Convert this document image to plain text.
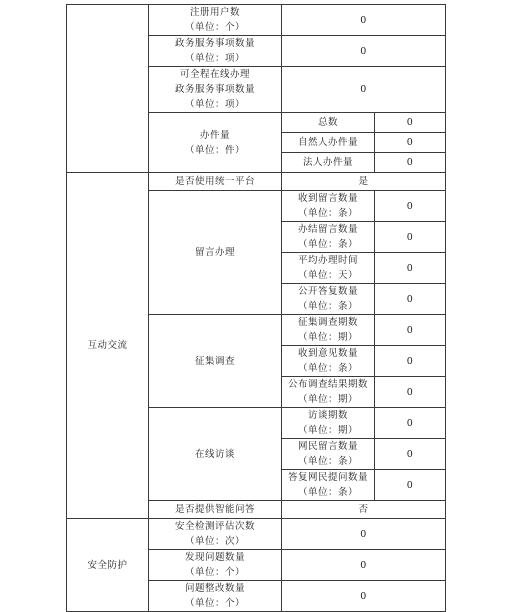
	注册用户数
（单位：个）	0	
	政务服务事项数量
（单位：项）	0	
	可全程在线办理
政务服务事项数量
（单位：项）	0	
	办件量
（单位：件）	总数	0
		自然人办件量	0
		法人办件量	0
互动交流	是否使用统一平台	是	
	留言办理	收到留言数量
（单位：条）	0
		办结留言数量
（单位：条）	0
		平均办理时间
（单位：天）	0
		公开答复数量
（单位：条）	0
	征集调查	征集调查期数
（单位：期）	0
		收到意见数量
（单位：条）	0
		公布调查结果期数
（单位：期）	0
	在线访谈	访谈期数
（单位：期）	0
		网民留言数量
（单位：条）	0
		答复网民提问数量
（单位：条）	0
	是否提供智能问答	否	
安全防护	安全检测评估次数
（单位：次）	0	
	发现问题数量
（单位：个）	0	
	问题整改数量
（单位：个）	0	
